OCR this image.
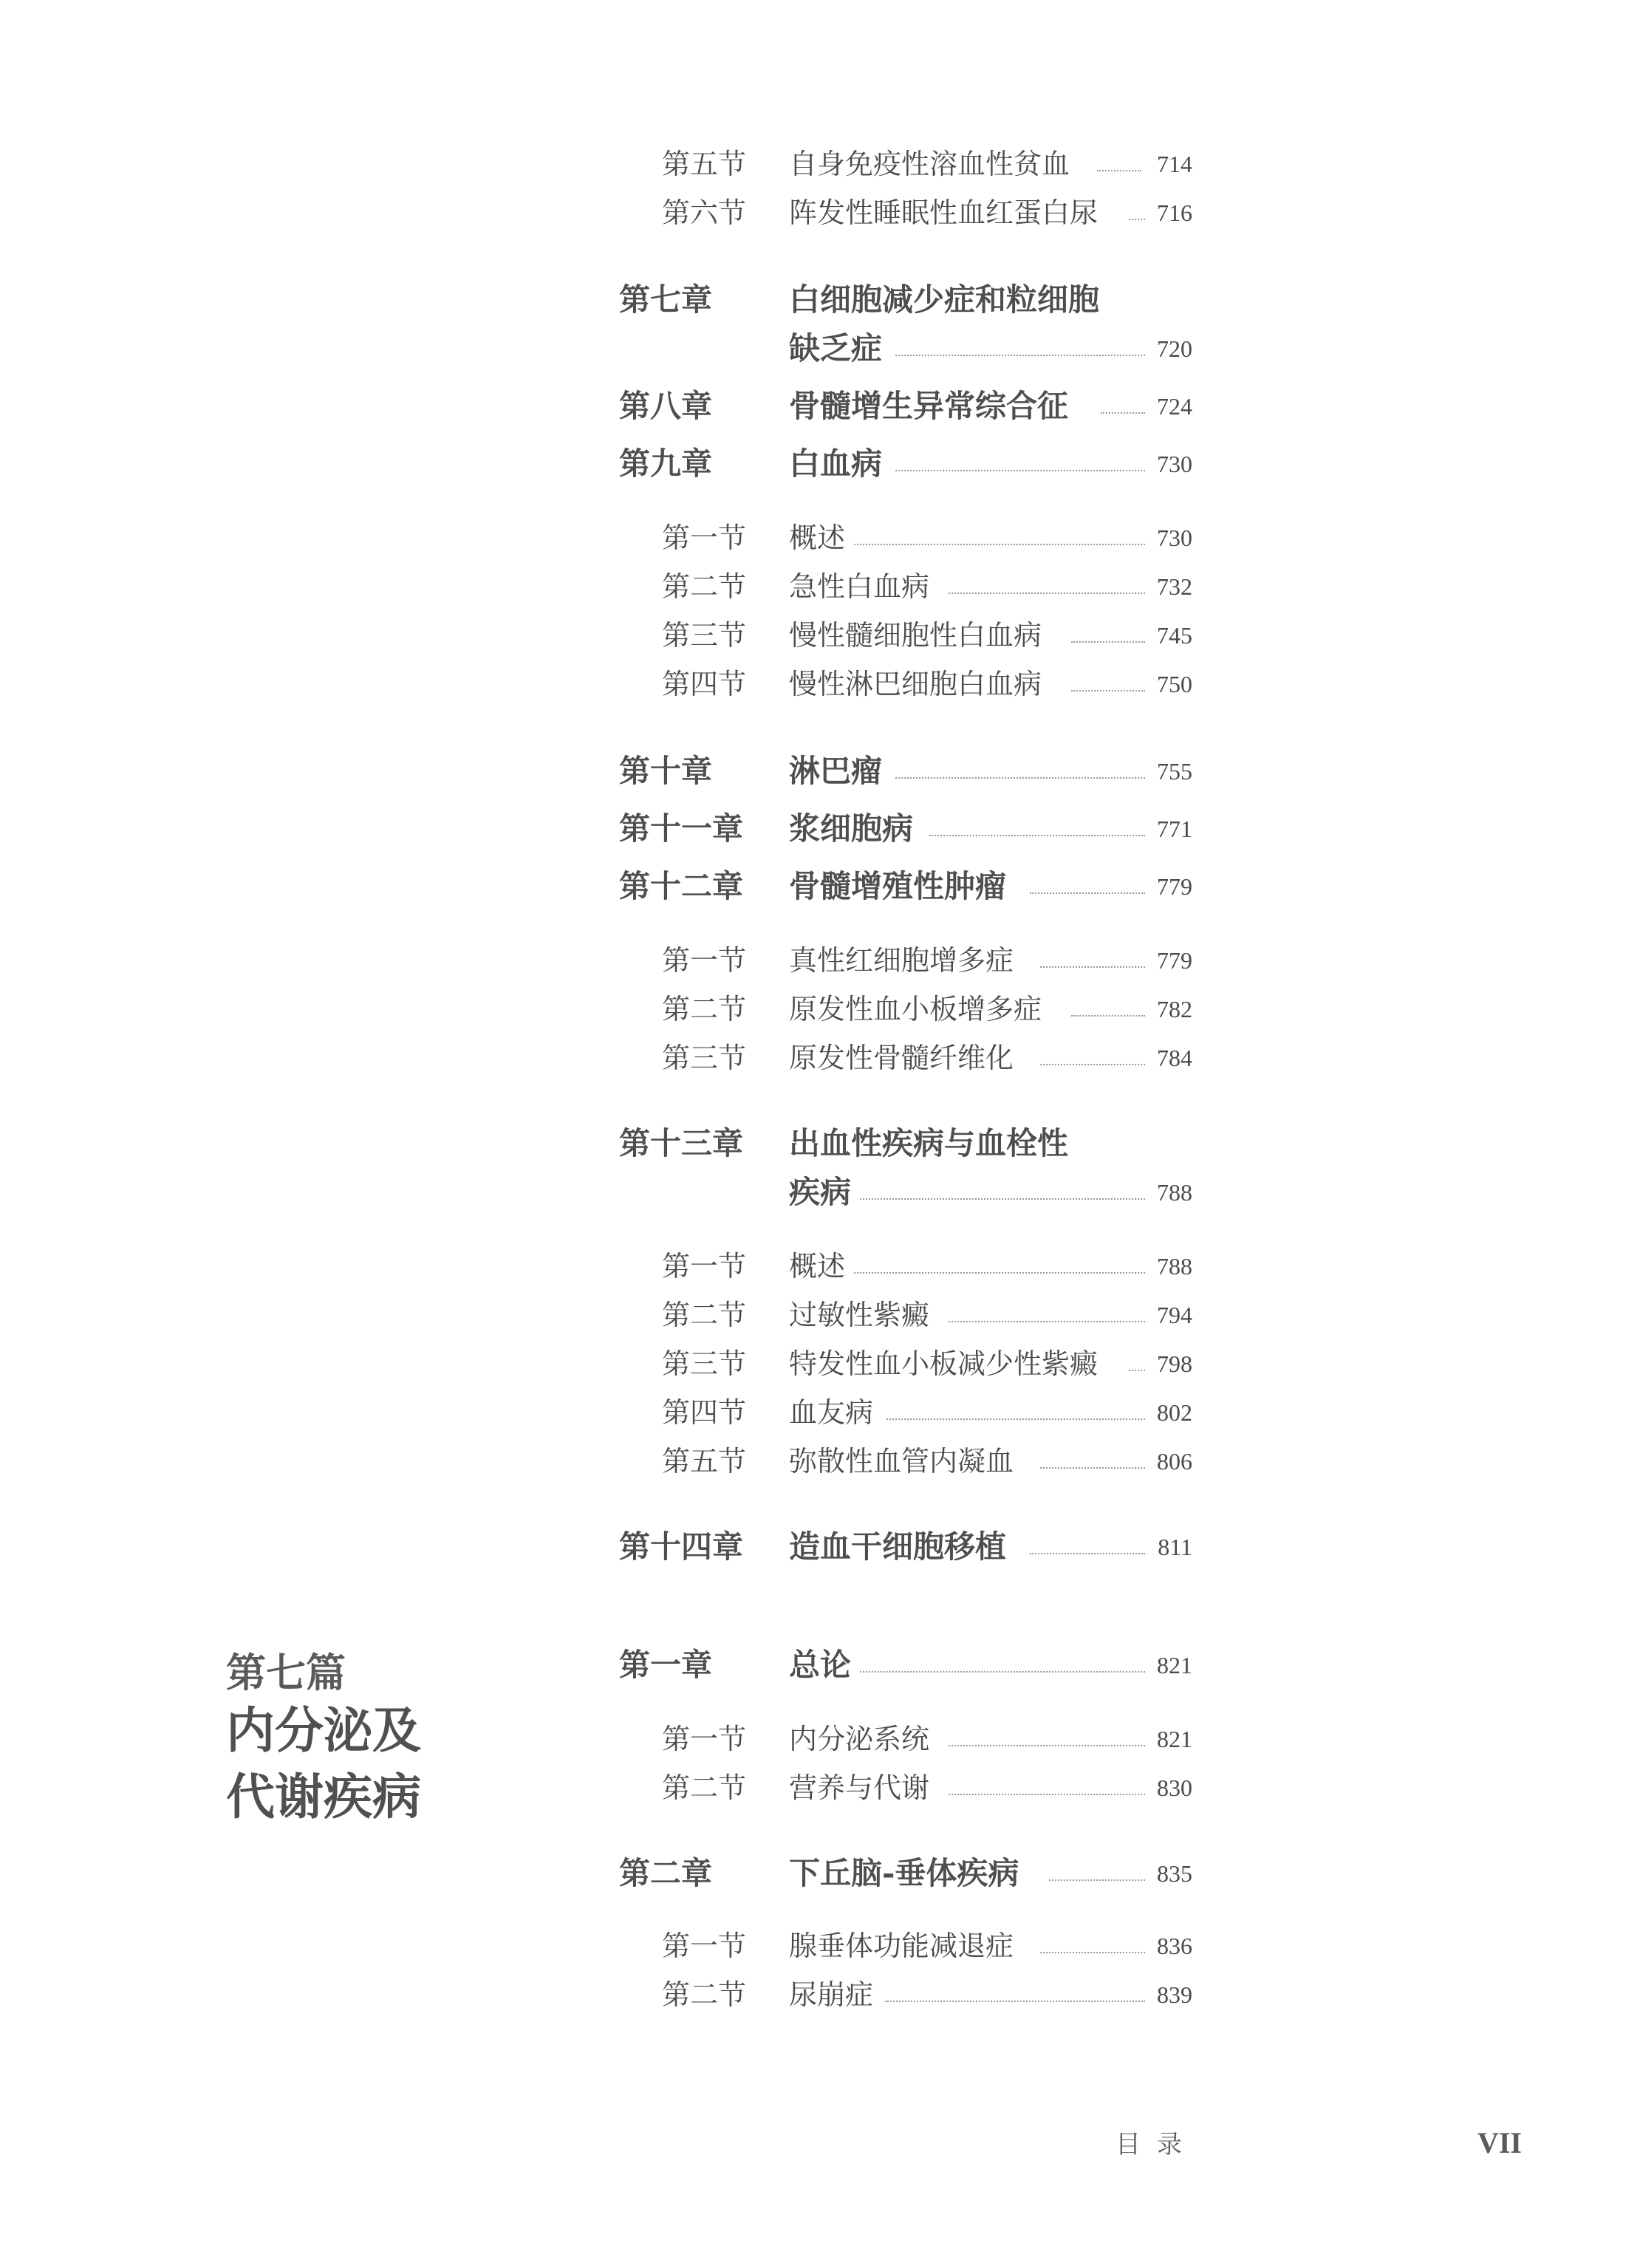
第五节 自身免疫性溶血性贫血	714
第六节 阵发性睡眠性血红蛋白尿 716
第七章 白细胞减少症和粒细胞
缺乏症	720
第八章 骨髓增生异常综合征	724
第九章 白血病	730
第一节 概述	730
第二节 急性白血病	732
第三节 慢性髓细胞性白血病	745
第四节 慢性淋巴细胞白血病	750
第十章 淋巴瘤	755
第十一章 浆细胞病	771
第十二章 骨髓增殖性肿瘤	779
第一节 真性红细胞增多症	779
第二节 原发性血小板增多症	782
第三节 原发性骨髓纤维化	784
第十三章 出血性疾病与血栓性
疾病	788
第一节 概述	788
第二节 过敏性紫癜	794
第三节 特发性血小板减少性紫癜 798
第四节 血友病	802
第五节 弥散性血管内凝血	806
第十四章 造血干细胞移植	811
第七篇
内分泌及
代谢疾病
第一章 总论	821
第一节 内分泌系统	821
第二节 营养与代谢	830
第二章 下丘脑-垂体疾病	835
第一节 腺垂体功能减退症	836
第二节 尿崩症	839
目录	VII
